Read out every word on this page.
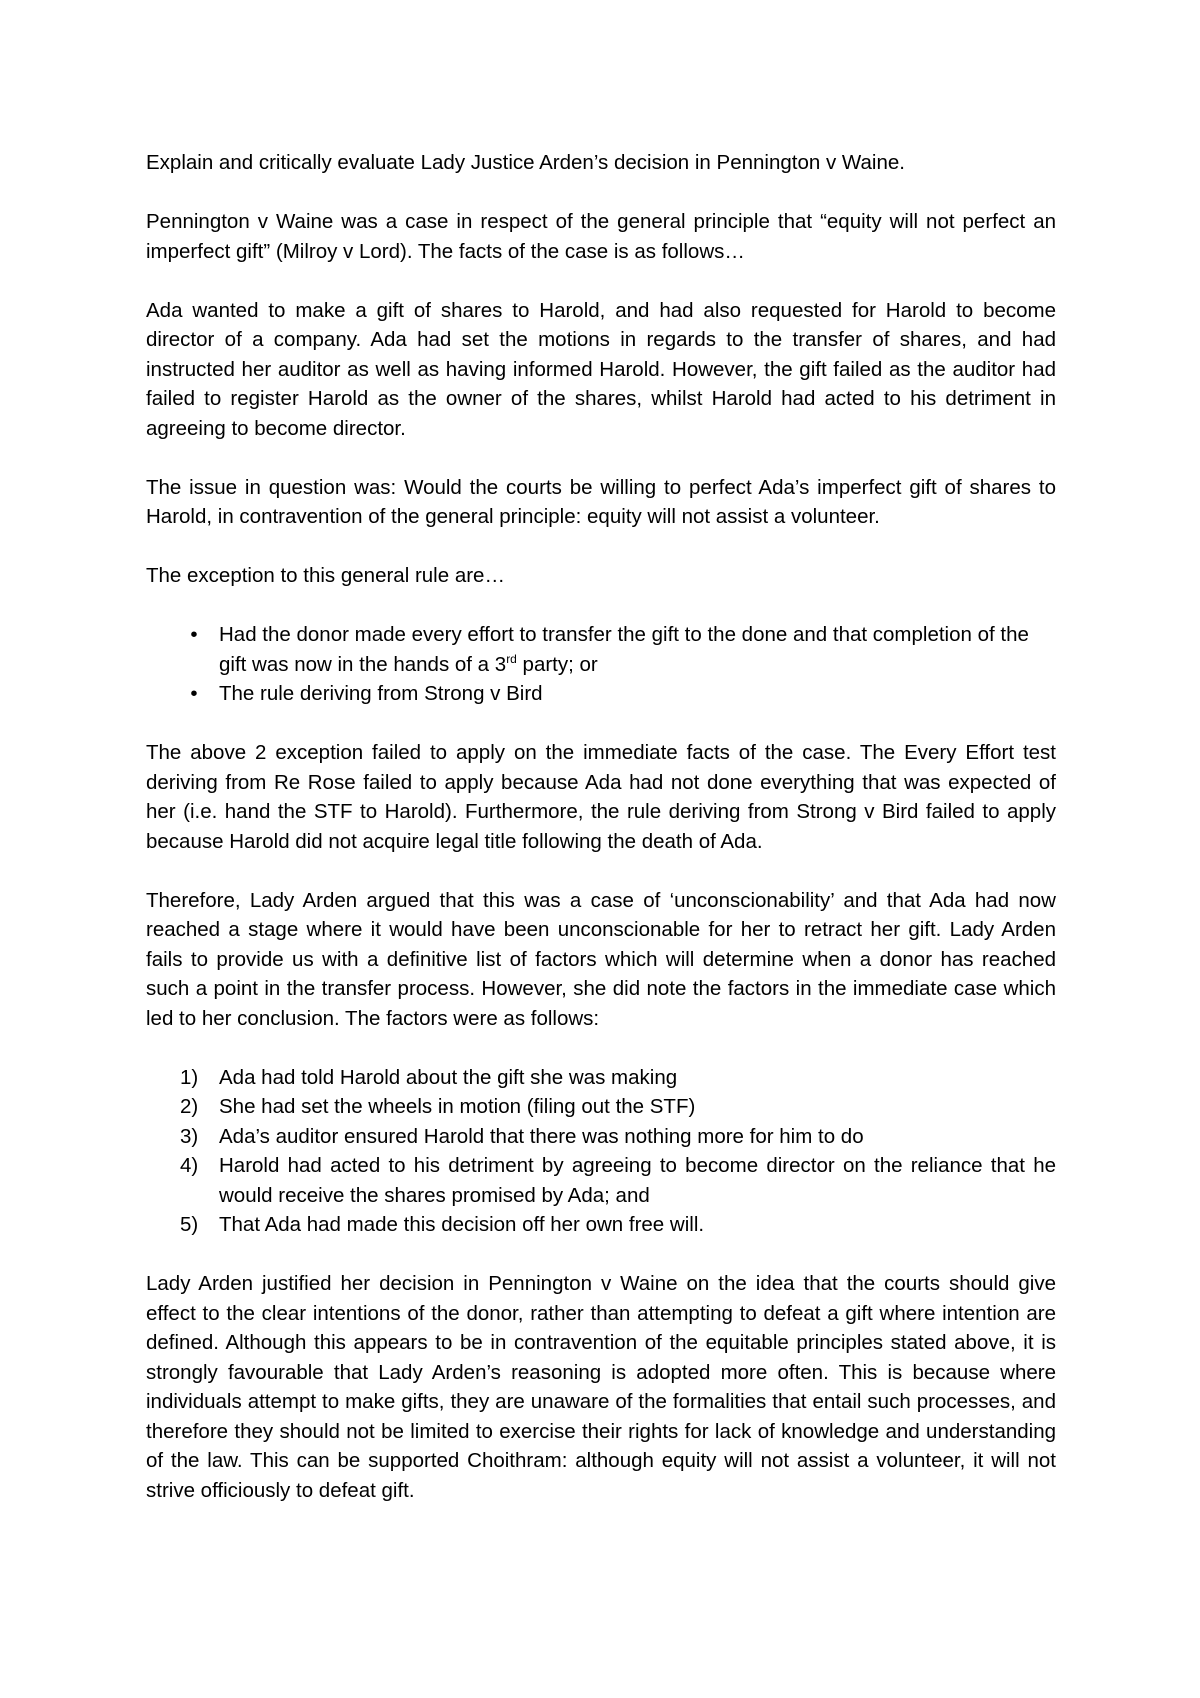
Explain and critically evaluate Lady Justice Arden’s decision in Pennington v Waine.

Pennington v Waine was a case in respect of the general principle that “equity will not perfect an imperfect gift” (Milroy v Lord). The facts of the case is as follows…

Ada wanted to make a gift of shares to Harold, and had also requested for Harold to become director of a company. Ada had set the motions in regards to the transfer of shares, and had instructed her auditor as well as having informed Harold. However, the gift failed as the auditor had failed to register Harold as the owner of the shares, whilst Harold had acted to his detriment in agreeing to become director.

The issue in question was: Would the courts be willing to perfect Ada’s imperfect gift of shares to Harold, in contravention of the general principle: equity will not assist a volunteer.

The exception to this general rule are…

•	Had the donor made every effort to transfer the gift to the done and that completion of the gift was now in the hands of a 3rd party; or
•	The rule deriving from Strong v Bird

The above 2 exception failed to apply on the immediate facts of the case. The Every Effort test deriving from Re Rose failed to apply because Ada had not done everything that was expected of her (i.e. hand the STF to Harold). Furthermore, the rule deriving from Strong v Bird failed to apply because Harold did not acquire legal title following the death of Ada.

Therefore, Lady Arden argued that this was a case of ‘unconscionability’ and that Ada had now reached a stage where it would have been unconscionable for her to retract her gift. Lady Arden fails to provide us with a definitive list of factors which will determine when a donor has reached such a point in the transfer process. However, she did note the factors in the immediate case which led to her conclusion. The factors were as follows:

1)	Ada had told Harold about the gift she was making
2)	She had set the wheels in motion (filing out the STF)
3)	Ada’s auditor ensured Harold that there was nothing more for him to do
4)	Harold had acted to his detriment by agreeing to become director on the reliance that he would receive the shares promised by Ada; and
5)	That Ada had made this decision off her own free will.

Lady Arden justified her decision in Pennington v Waine on the idea that the courts should give effect to the clear intentions of the donor, rather than attempting to defeat a gift where intention are defined. Although this appears to be in contravention of the equitable principles stated above, it is strongly favourable that Lady Arden’s reasoning is adopted more often. This is because where individuals attempt to make gifts, they are unaware of the formalities that entail such processes, and therefore they should not be limited to exercise their rights for lack of knowledge and understanding of the law. This can be supported Choithram: although equity will not assist a volunteer, it will not strive officiously to defeat gift.
